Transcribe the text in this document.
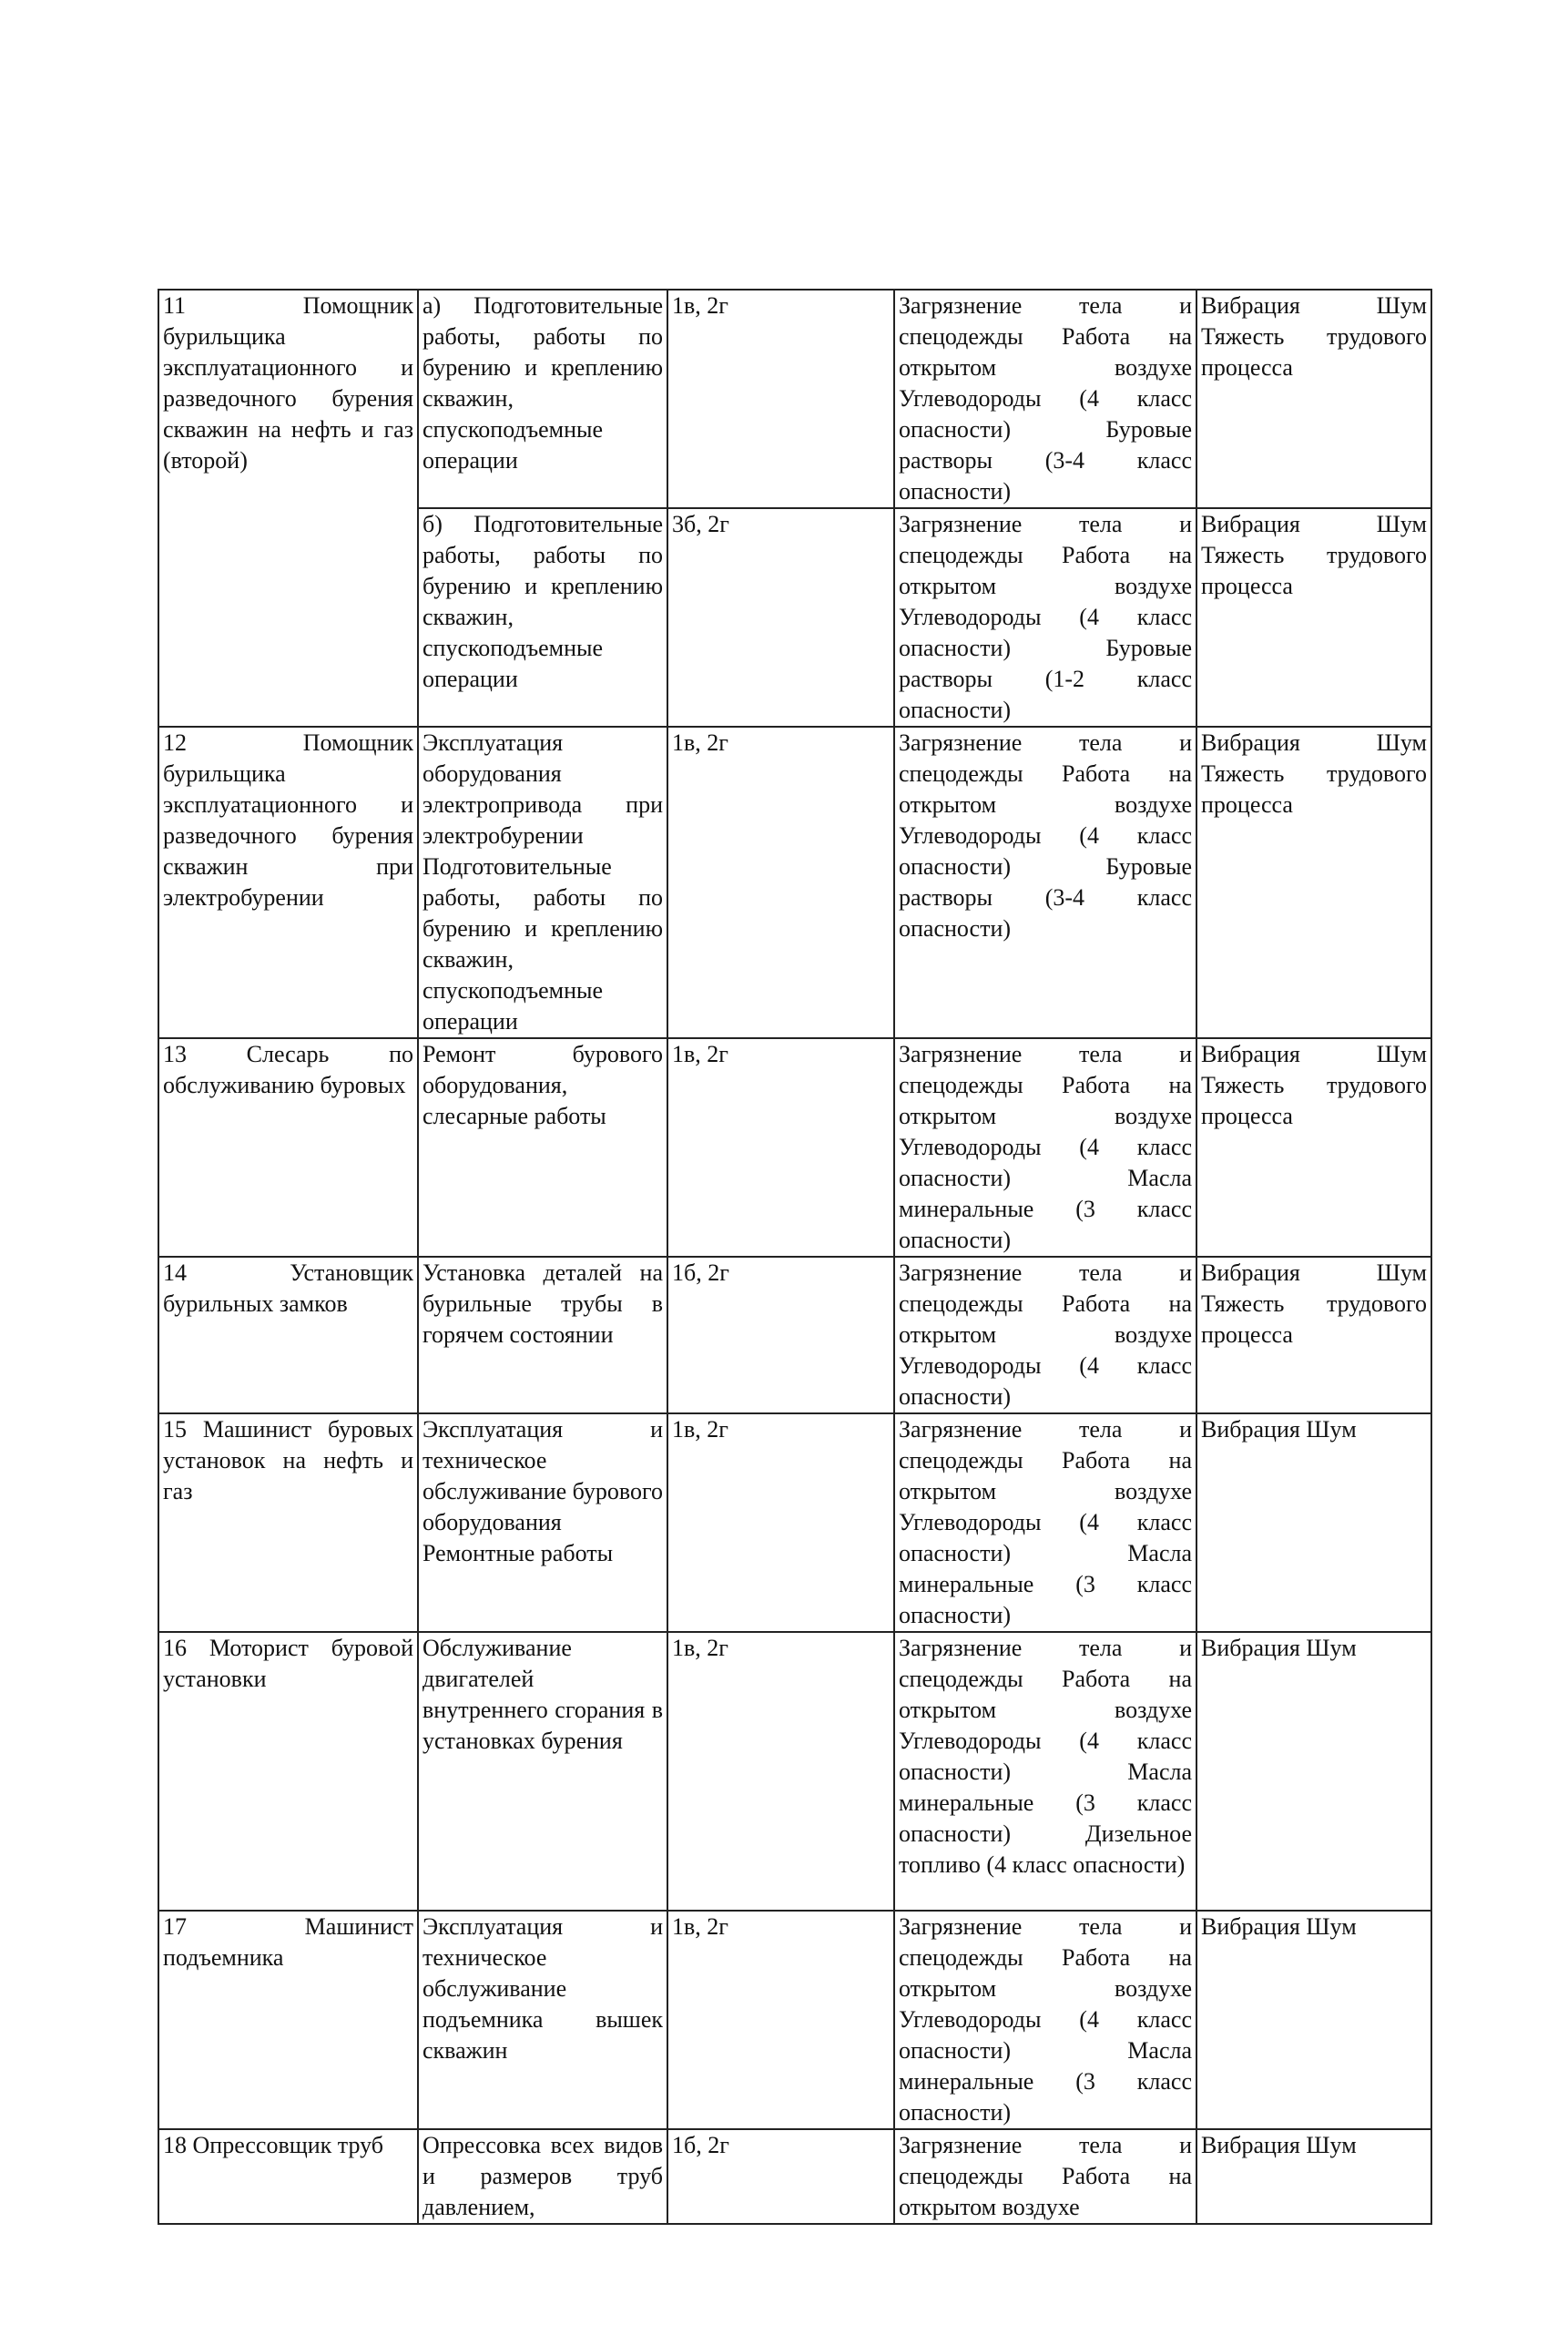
11 Помощник бурильщика эксплуатационного и разведочного бурения скважин на нефть и газ (второй)	а) Подготовительные работы, работы по бурению и креплению скважин, спускоподъемные операции	1в, 2г	Загрязнение тела и спецодежды Работа на открытом воздухе Углеводороды (4 класс опасности) Буровые растворы (3-4 класс опасности)	Вибрация Шум Тяжесть трудового процесса
	б) Подготовительные работы, работы по бурению и креплению скважин, спускоподъемные операции	3б, 2г	Загрязнение тела и спецодежды Работа на открытом воздухе Углеводороды (4 класс опасности) Буровые растворы (1-2 класс опасности)	Вибрация Шум Тяжесть трудового процесса
12 Помощник бурильщика эксплуатационного и разведочного бурения скважин при электробурении	Эксплуатация оборудования электропривода при электробурении Подготовительные работы, работы по бурению и креплению скважин, спускоподъемные операции	1в, 2г	Загрязнение тела и спецодежды Работа на открытом воздухе Углеводороды (4 класс опасности) Буровые растворы (3-4 класс опасности)	Вибрация Шум Тяжесть трудового процесса
13 Слесарь по обслуживанию буровых	Ремонт бурового оборудования, слесарные работы	1в, 2г	Загрязнение тела и спецодежды Работа на открытом воздухе Углеводороды (4 класс опасности) Масла минеральные (3 класс опасности)	Вибрация Шум Тяжесть трудового процесса
14 Установщик бурильных замков	Установка деталей на бурильные трубы в горячем состоянии	1б, 2г	Загрязнение тела и спецодежды Работа на открытом воздухе Углеводороды (4 класс опасности)	Вибрация Шум Тяжесть трудового процесса
15 Машинист буровых установок на нефть и газ	Эксплуатация и техническое обслуживание бурового оборудования Ремонтные работы	1в, 2г	Загрязнение тела и спецодежды Работа на открытом воздухе Углеводороды (4 класс опасности) Масла минеральные (3 класс опасности)	Вибрация Шум
16 Моторист буровой установки	Обслуживание двигателей внутреннего сгорания в установках бурения	1в, 2г	Загрязнение тела и спецодежды Работа на открытом воздухе Углеводороды (4 класс опасности) Масла минеральные (3 класс опасности) Дизельное топливо (4 класс опасности)	Вибрация Шум
17 Машинист подъемника	Эксплуатация и техническое обслуживание подъемника вышек скважин	1в, 2г	Загрязнение тела и спецодежды Работа на открытом воздухе Углеводороды (4 класс опасности) Масла минеральные (3 класс опасности)	Вибрация Шум
18 Опрессовщик труб	Опрессовка всех видов и размеров труб давлением,	1б, 2г	Загрязнение тела и спецодежды Работа на открытом воздухе	Вибрация Шум
